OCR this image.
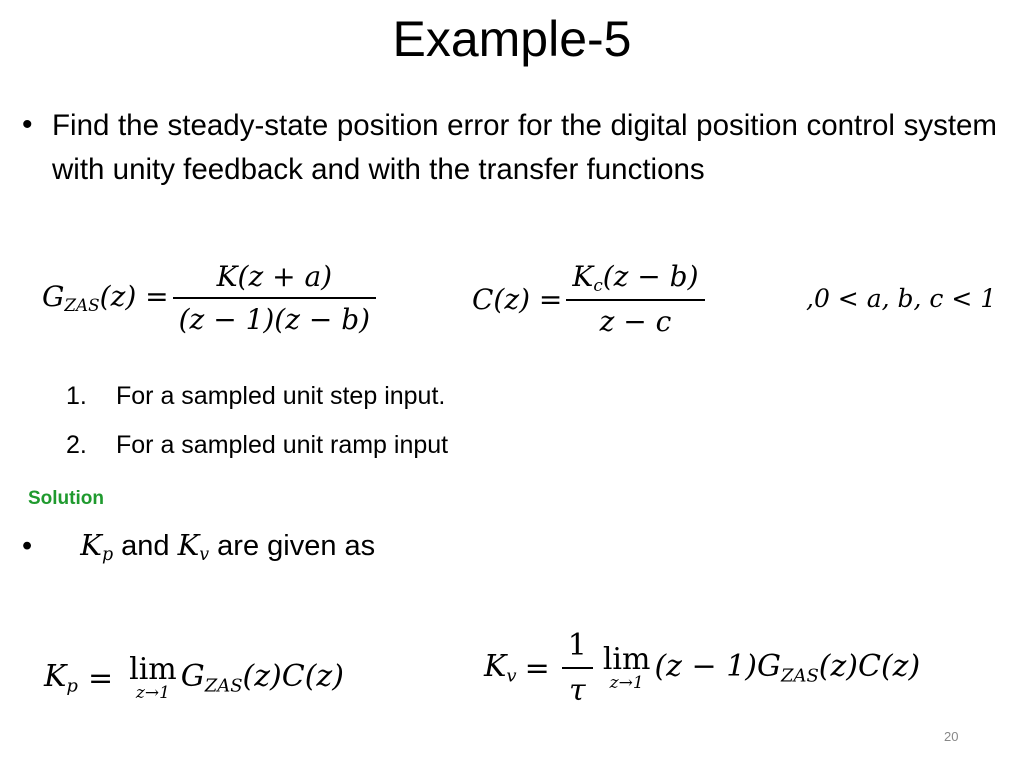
Example-5
• Find the steady-state position error for the digital position control system with unity feedback and with the transfer functions
$G_{ZAS}(z) = \frac{K(z + a)}{(z - 1)(z - b)}$	$C(z) = \frac{K_c(z - b)}{z - c}$	,0 < a, b, c < 1
1. For a sampled unit step input.
2. For a sampled unit ramp input
Solution
• $K_p$ and $K_v$ are given as
$K_p = \lim$
z→1 $G_{ZAS}(z)C(z)$	$K_v = \frac{1}{\tau}$ lim
z→1 $(z - 1)G_{ZAS}(z)C(z)$
20
